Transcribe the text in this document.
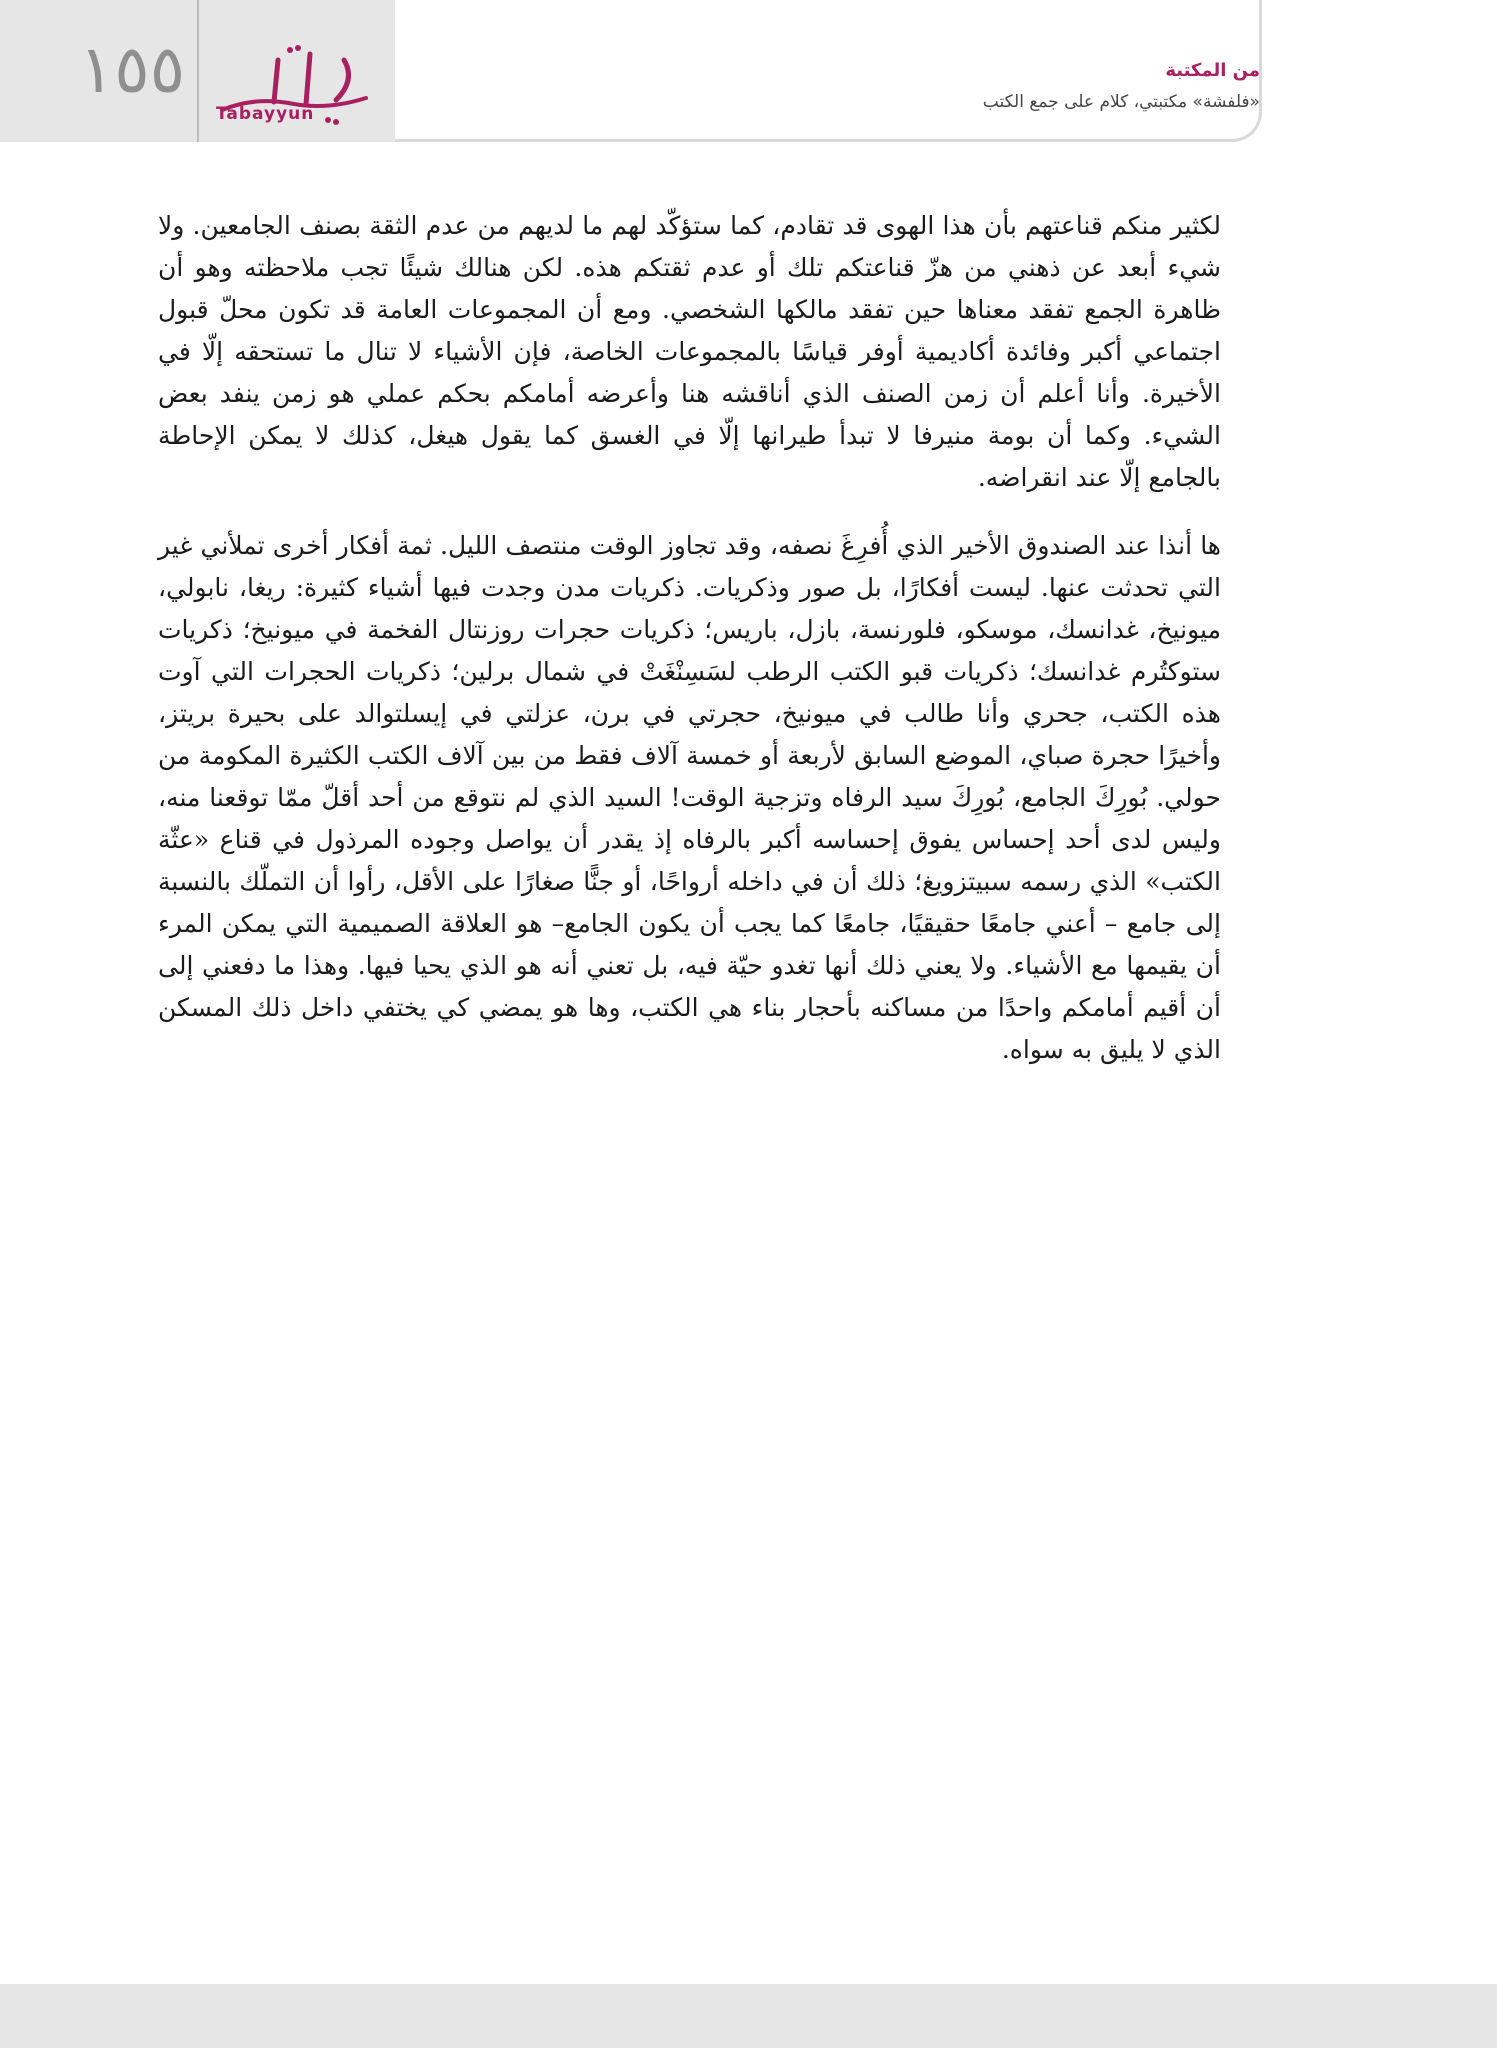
١٥٥
Tabayyun
من المكتبة
«فلفشة» مكتبتي، كلام على جمع الكتب

لكثير منكم قناعتهم بأن هذا الهوى قد تقادم، كما ستؤكّد لهم ما لديهم من عدم الثقة بصنف الجامعين. ولا شيء أبعد عن ذهني من هزّ قناعتكم تلك أو عدم ثقتكم هذه. لكن هنالك شيئًا تجب ملاحظته وهو أن ظاهرة الجمع تفقد معناها حين تفقد مالكها الشخصي. ومع أن المجموعات العامة قد تكون محلّ قبول اجتماعي أكبر وفائدة أكاديمية أوفر قياسًا بالمجموعات الخاصة، فإن الأشياء لا تنال ما تستحقه إلّا في الأخيرة. وأنا أعلم أن زمن الصنف الذي أناقشه هنا وأعرضه أمامكم بحكم عملي هو زمن ينفد بعض الشيء. وكما أن بومة منيرفا لا تبدأ طيرانها إلّا في الغسق كما يقول هيغل، كذلك لا يمكن الإحاطة بالجامع إلّا عند انقراضه.

ها أنذا عند الصندوق الأخير الذي أُفرِغَ نصفه، وقد تجاوز الوقت منتصف الليل. ثمة أفكار أخرى تملأني غير التي تحدثت عنها. ليست أفكارًا، بل صور وذكريات. ذكريات مدن وجدت فيها أشياء كثيرة: ريغا، نابولي، ميونيخ، غدانسك، موسكو، فلورنسة، بازل، باريس؛ ذكريات حجرات روزنتال الفخمة في ميونيخ؛ ذكريات ستوكتُرم غدانسك؛ ذكريات قبو الكتب الرطب لسَسِنْغَتْ في شمال برلين؛ ذكريات الحجرات التي آوت هذه الكتب، جحري وأنا طالب في ميونيخ، حجرتي في برن، عزلتي في إيسلتوالد على بحيرة بريتز، وأخيرًا حجرة صباي، الموضع السابق لأربعة أو خمسة آلاف فقط من بين آلاف الكتب الكثيرة المكومة من حولي. بُورِكَ الجامع، بُورِكَ سيد الرفاه وتزجية الوقت! السيد الذي لم نتوقع من أحد أقلّ ممّا توقعنا منه، وليس لدى أحد إحساس يفوق إحساسه أكبر بالرفاه إذ يقدر أن يواصل وجوده المرذول في قناع «عثّة الكتب» الذي رسمه سبيتزويغ؛ ذلك أن في داخله أرواحًا، أو جنًّا صغارًا على الأقل، رأوا أن التملّك بالنسبة إلى جامع – أعني جامعًا حقيقيًا، جامعًا كما يجب أن يكون الجامع– هو العلاقة الصميمية التي يمكن المرء أن يقيمها مع الأشياء. ولا يعني ذلك أنها تغدو حيّة فيه، بل تعني أنه هو الذي يحيا فيها. وهذا ما دفعني إلى أن أقيم أمامكم واحدًا من مساكنه بأحجار بناء هي الكتب، وها هو يمضي كي يختفي داخل ذلك المسكن الذي لا يليق به سواه.
